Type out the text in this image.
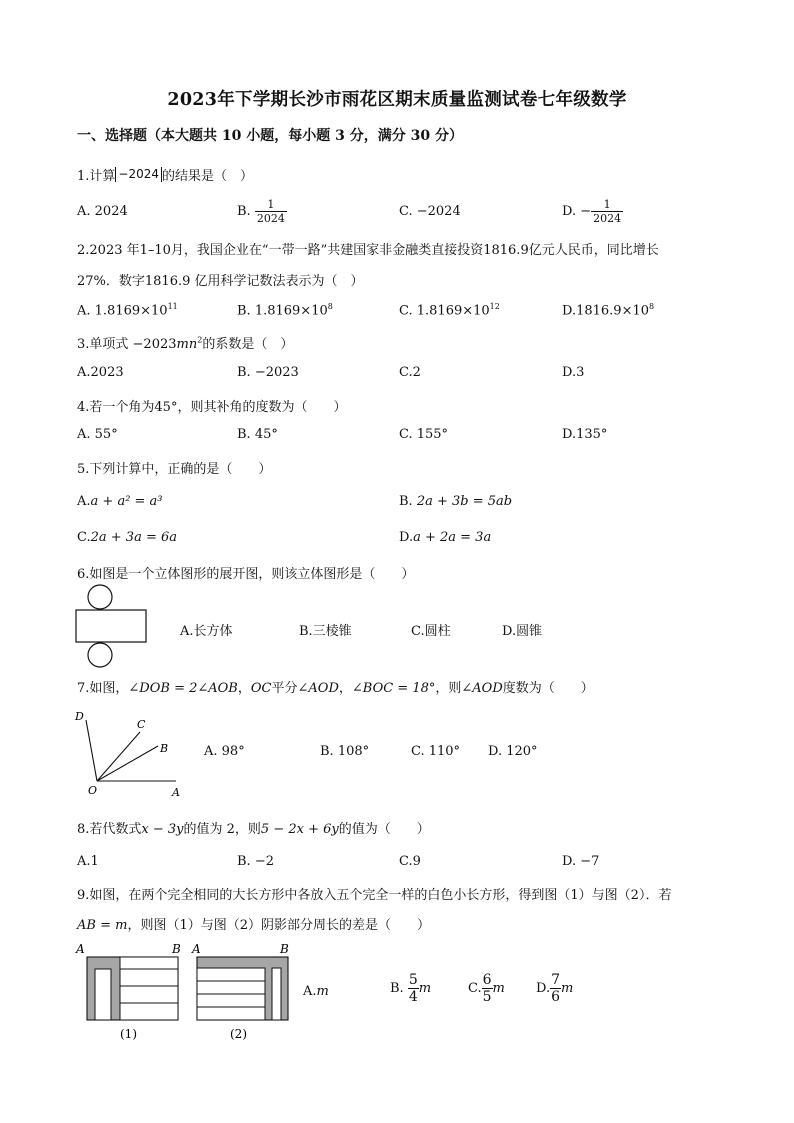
2023年下学期长沙市雨花区期末质量监测试卷七年级数学
一、选择题（本大题共 10 小题，每小题 3 分，满分 30 分）
1.计算 −2024 的结果是（　）
A. 2024	B. $\frac{1}{2024}$	C. −2024	D. − $\frac{1}{2024}$
2.2023 年1–10月，我国企业在“一带一路”共建国家非金融类直接投资1816.9亿元人民币，同比增长
27%．数字1816.9 亿用科学记数法表示为（　）
A. $1.8169\times 10^{11}$	B. $1.8169\times 10^8$	C. $1.8169\times 10^{12}$	$D.1816.9\times 10^8$
3.单项式 $-2023mn^2$的系数是（　）
A.2023	B. −2023	C.2	D.3
4.若一个角为45°，则其补角的度数为（　　）
A. 55°	B. 45°	C. 155°	D.135°
5.下列计算中，正确的是（　　）
A.a + a² = a³	B. 2a + 3b = 5ab
C.2a + 3a = 6a	D.a + 2a = 3a
6.如图是一个立体图形的展开图，则该立体图形是（　　）
A.长方体	B.三棱锥	C.圆柱	D.圆锥
7.如图，∠DOB = 2∠AOB，OC平分∠AOD，∠BOC = 18°，则∠AOD度数为（　　）
D
C
B
O	A
A. 98°	B. 108°	C. 110° D. 120°
8.若代数式x − 3y的值为 2，则5 − 2x + 6y的值为（　　）
A.1	B. −2	C.9	D. −7
9.如图，在两个完全相同的大长方形中各放入五个完全一样的白色小长方形，得到图（1）与图（2）．若
AB = m，则图（1）与图（2）阴影部分周长的差是（　　）
A	B
(1)
A	B
(2)
A.m	B. $\frac{5}{4}$ m	C. $\frac{6}{5}$ m D. $\frac{7}{6}$ m
